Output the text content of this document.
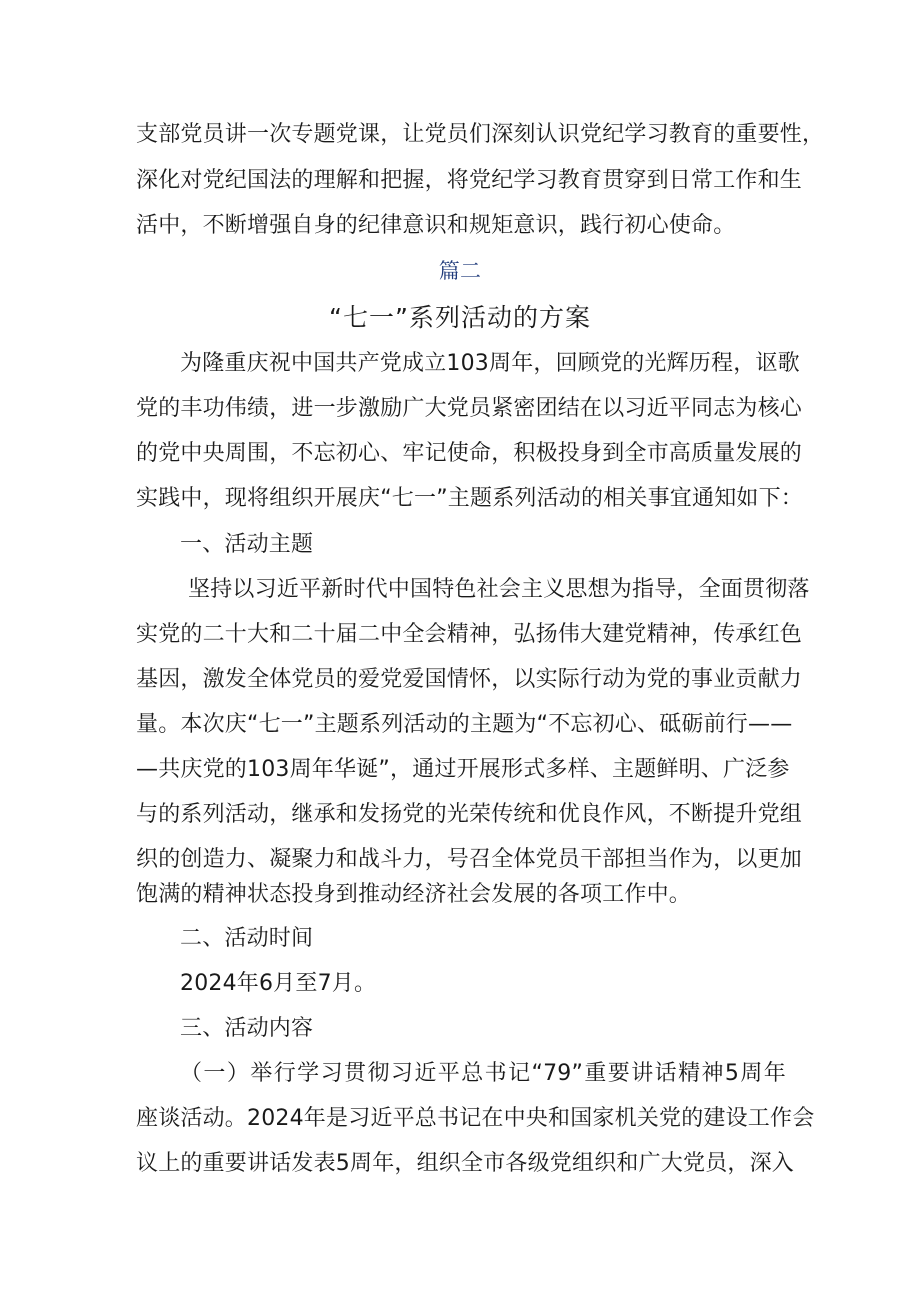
支部党员讲一次专题党课，让党员们深刻认识党纪学习教育的重要性，
深化对党纪国法的理解和把握，将党纪学习教育贯穿到日常工作和生
活中，不断增强自身的纪律意识和规矩意识，践行初心使命。
篇二
“七一”系列活动的方案
为隆重庆祝中国共产党成立103周年，回顾党的光辉历程，讴歌
党的丰功伟绩，进一步激励广大党员紧密团结在以习近平同志为核心
的党中央周围，不忘初心、牢记使命，积极投身到全市高质量发展的
实践中，现将组织开展庆“七一”主题系列活动的相关事宜通知如下：
一、活动主题
坚持以习近平新时代中国特色社会主义思想为指导，全面贯彻落
实党的二十大和二十届二中全会精神，弘扬伟大建党精神，传承红色
基因，激发全体党员的爱党爱国情怀，以实际行动为党的事业贡献力
量。本次庆“七一”主题系列活动的主题为“不忘初心、砥砺前行——
—共庆党的103周年华诞”，通过开展形式多样、主题鲜明、广泛参
与的系列活动，继承和发扬党的光荣传统和优良作风，不断提升党组
织的创造力、凝聚力和战斗力，号召全体党员干部担当作为，以更加
饱满的精神状态投身到推动经济社会发展的各项工作中。
二、活动时间
2024年6月至7月。
三、活动内容
（一）举行学习贯彻习近平总书记“79”重要讲话精神5周年
座谈活动。2024年是习近平总书记在中央和国家机关党的建设工作会
议上的重要讲话发表5周年，组织全市各级党组织和广大党员，深入
